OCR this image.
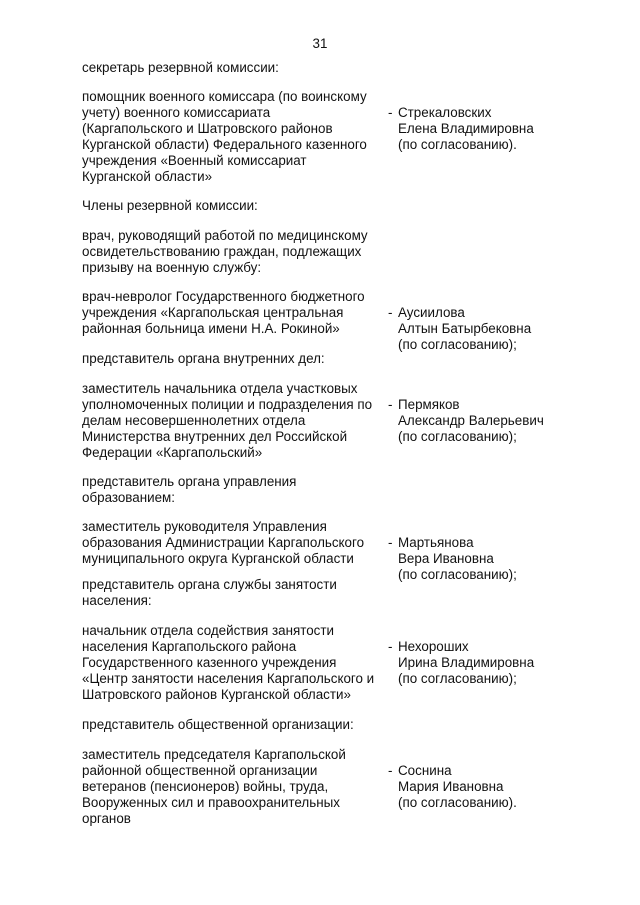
31

секретарь резервной комиссии:

помощник военного комиссара (по воинскому
учету) военного комиссариата
(Каргапольского и Шатровского районов
Курганской области) Федерального казенного
учреждения «Военный комиссариат
Курганской области»

- Стрекаловских
Елена Владимировна
(по согласованию).

Члены резервной комиссии:

врач, руководящий работой по медицинскому
освидетельствованию граждан, подлежащих
призыву на военную службу:

врач-невролог Государственного бюджетного
учреждения «Каргапольская центральная
районная больница имени Н.А. Рокиной»

- Аусиилова
Алтын Батырбековна
(по согласованию);

представитель органа внутренних дел:

заместитель начальника отдела участковых
уполномоченных полиции и подразделения по
делам несовершеннолетних отдела
Министерства внутренних дел Российской
Федерации «Каргапольский»

- Пермяков
Александр Валерьевич
(по согласованию);

представитель органа управления
образованием:

заместитель руководителя Управления
образования Администрации Каргапольского
муниципального округа Курганской области

- Мартьянова
Вера Ивановна
(по согласованию);

представитель органа службы занятости
населения:

начальник отдела содействия занятости
населения Каргапольского района
Государственного казенного учреждения
«Центр занятости населения Каргапольского и
Шатровского районов Курганской области»

- Нехороших
Ирина Владимировна
(по согласованию);

представитель общественной организации:

заместитель председателя Каргапольской
районной общественной организации
ветеранов (пенсионеров) войны, труда,
Вооруженных сил и правоохранительных
органов

- Соснина
Мария Ивановна
(по согласованию).
